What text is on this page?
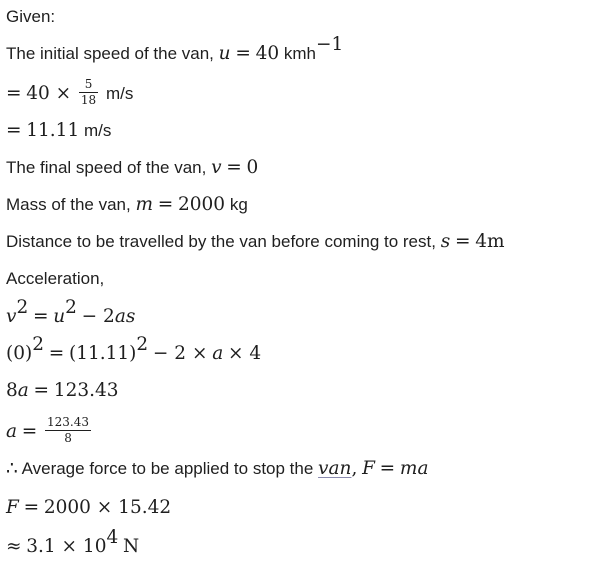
Given:
The initial speed of the van, u = 40 kmh$^{-1}$
= $40 \times \frac{5}{18} m/s$
= 11.11 m/s
The final speed of the van, v = 0
Mass of the van, m = 2000 kg
Distance to be travelled by the van before coming to rest, s = 4m
Acceleration,
$v^2 = u^2 - 2as$
$(0)^2 = (11.11)^2 - 2 \times a \times 4$
8a = 123.43
$a = \frac{123.43}{8}$
∴ Average force to be applied to stop the van, F = ma
F = 2000 × 15.42
≈ $3.1 \times 10^4$ N
